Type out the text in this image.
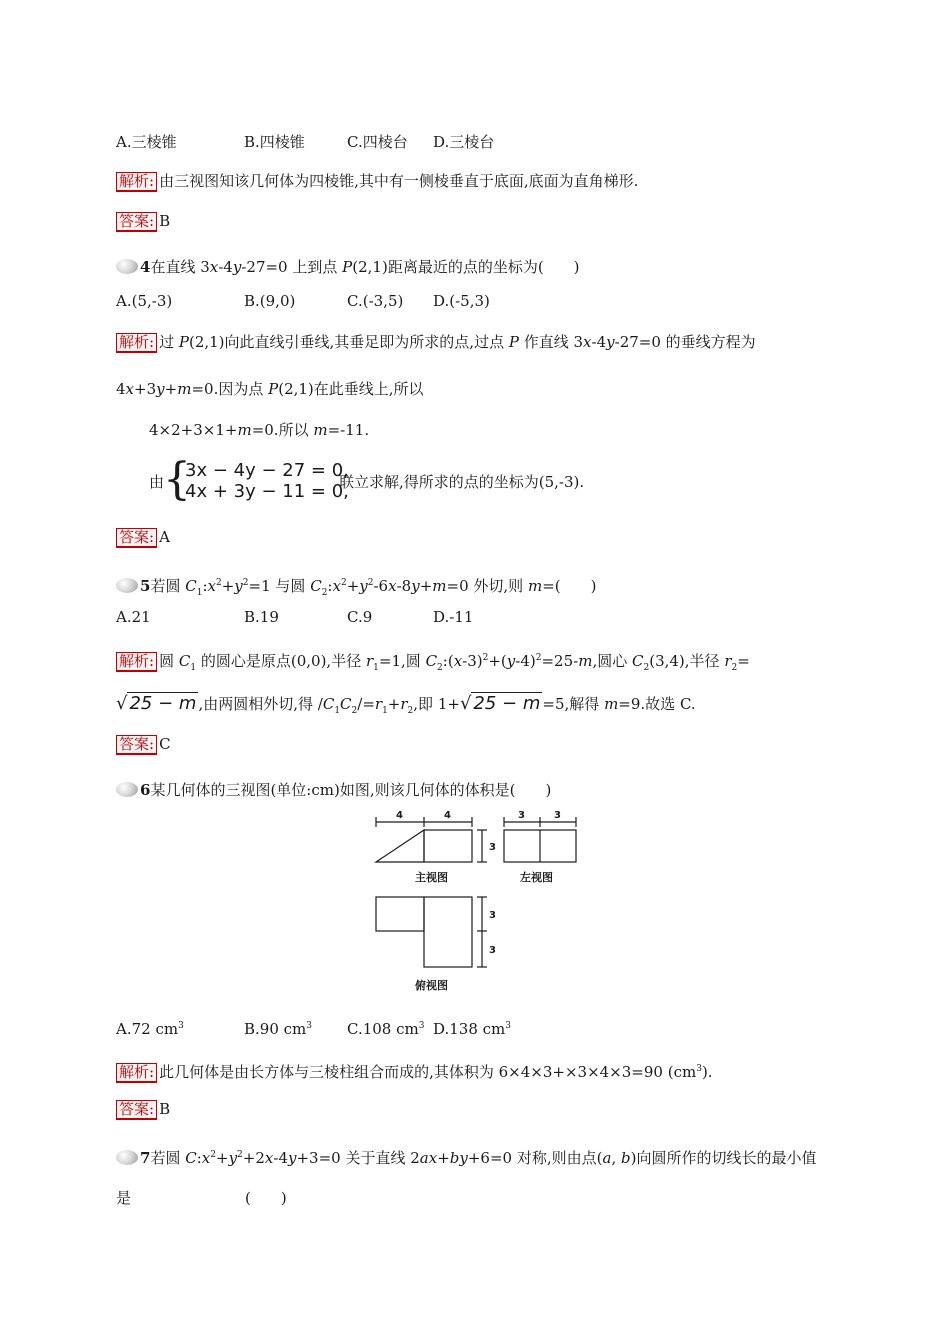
A.三棱锥	B.四棱锥	C.四棱台 D.三棱台
解析: 由三视图知该几何体为四棱锥,其中有一侧棱垂直于底面,底面为直角梯形.
答案: B
4在直线 3x-4y-27=0 上到点 P(2,1)距离最近的点的坐标为(　　)
A.(5,-3)	B.(9,0)	C.(-3,5) D.(-5,3)
解析: 过 P(2,1)向此直线引垂线,其垂足即为所求的点,过点 P 作直线 3x-4y-27=0 的垂线方程为
4x+3y+m=0.因为点 P(2,1)在此垂线上,所以
4×2+3×1+m=0.所以 m=-11.
由
{
3x − 4y − 27 = 0,
4x + 3y − 11 = 0,
联立求解,得所求的点的坐标为(5,-3).
答案: A
5若圆 $C_1:x^2+y^2=1$ 与圆 $C_2:x^2+y^2-6x-8y+m=0$ 外切,则 m=(　　)
A.21	B.19	C.9	D.-11
解析: 圆 $C_1$ 的圆心是原点(0,0),半径 $r_1=1$,圆 $C_2:(x-3)^2+(y-4)^2=25-m$,圆心 $C_2(3,4)$,半径 $r_2=$
√ 25 − m ,由两圆相外切,得 $/C_1C_2/=r_1+r_2$,即 1+√ 25 − m =5,解得 m=9.故选 C.
答案: C
6某几何体的三视图(单位:cm)如图,则该几何体的体积是(　　)
4	4
3
3	3
3
3
主视图	左视图
俯视图
A.72 $cm^3$	B.90 $cm^3$ C.108 $cm^3$ D.138 $cm^3$
解析: 此几何体是由长方体与三棱柱组合而成的,其体积为 6×4×3+×3×4×3=90 $(cm^3)$.
答案: B
7若圆 $C:x^2+y^2+2x-4y+3=0$ 关于直线 2ax+by+6=0 对称,则由点(a, b)向圆所作的切线长的最小值
是	(　　)
